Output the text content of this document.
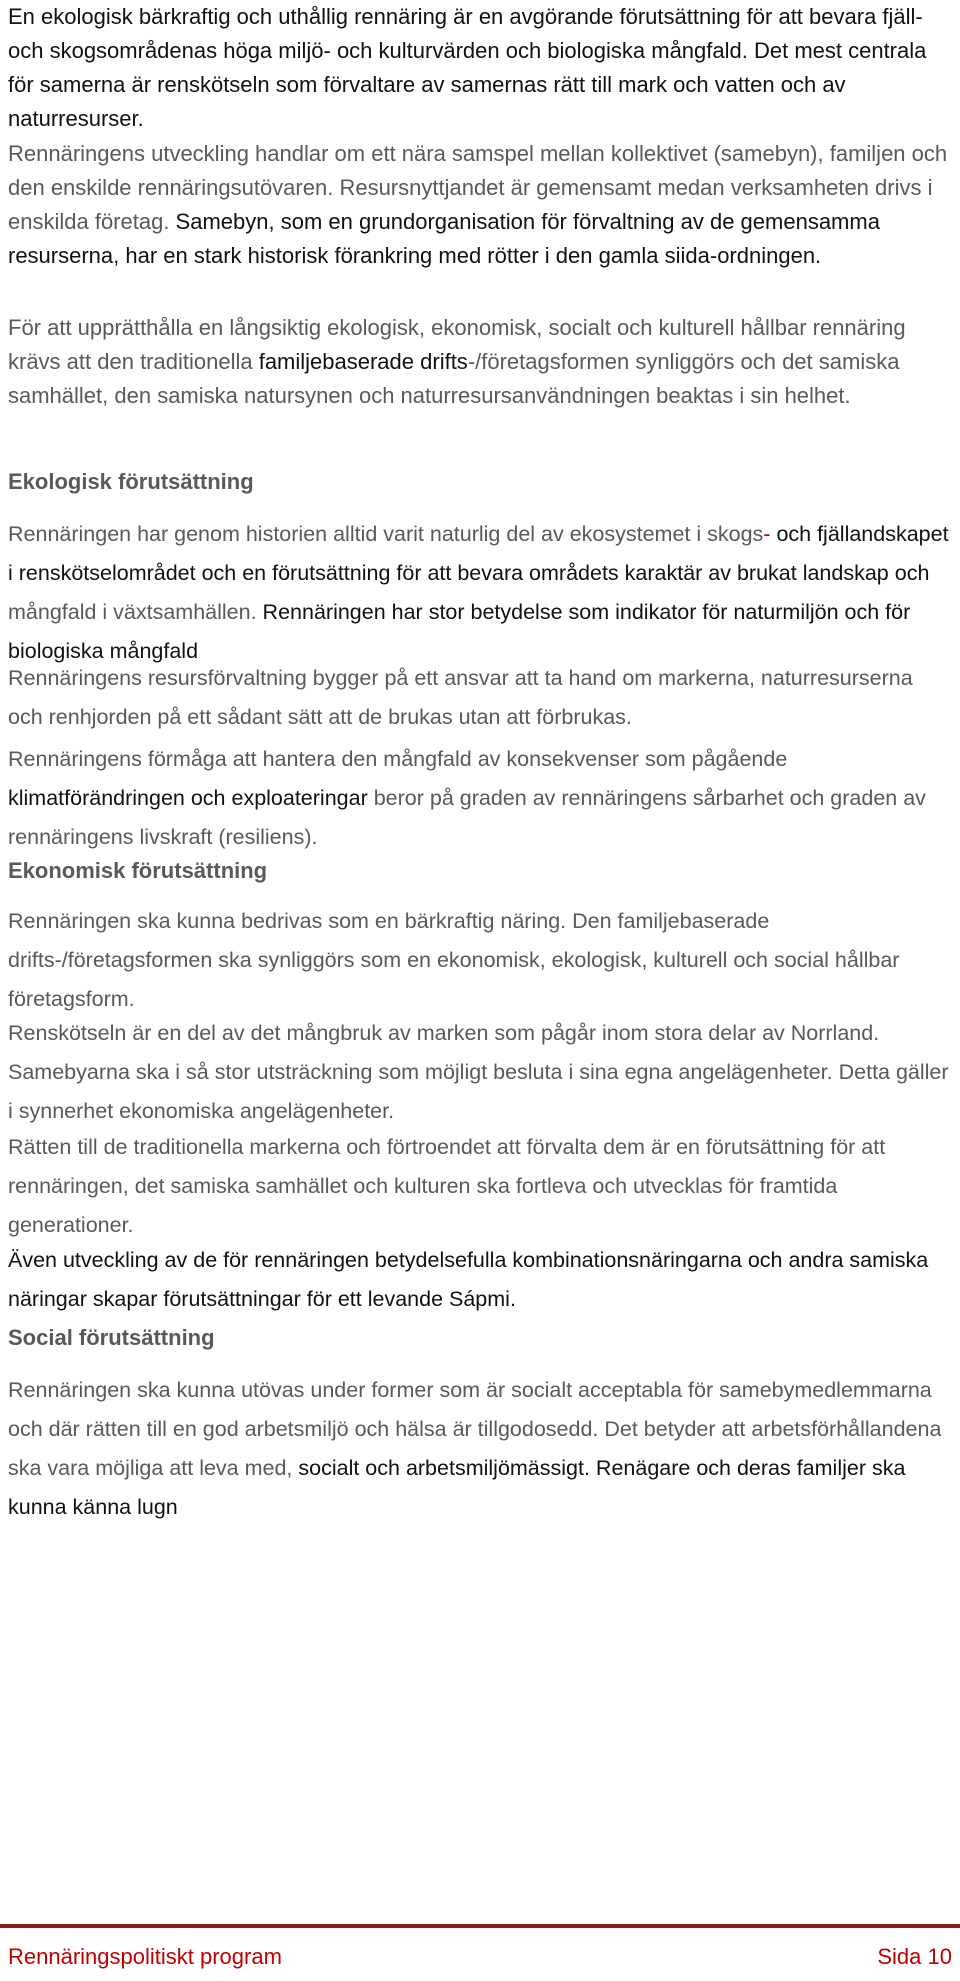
En ekologisk bärkraftig och uthållig rennäring är en avgörande förutsättning för att bevara fjäll- och skogsområdenas höga miljö- och kulturvärden och biologiska mångfald. Det mest centrala för samerna är renskötseln som förvaltare av samernas rätt till mark och vatten och av naturresurser.

Rennäringens utveckling handlar om ett nära samspel mellan kollektivet (samebyn), familjen och den enskilde rennäringsutövaren. Resursnyttjandet är gemensamt medan verksamheten drivs i enskilda företag. Samebyn, som en grundorganisation för förvaltning av de gemensamma resurserna, har en stark historisk förankring med rötter i den gamla siida-ordningen.

För att upprätthålla en långsiktig ekologisk, ekonomisk, socialt och kulturell hållbar rennäring krävs att den traditionella familjebaserade drifts-/företagsformen synliggörs och det samiska samhället, den samiska natursynen och naturresursanvändningen beaktas i sin helhet.

Ekologisk förutsättning

Rennäringen har genom historien alltid varit naturlig del av ekosystemet i skogs- och fjällandskapet i renskötselområdet och en förutsättning för att bevara områdets karaktär av brukat landskap och mångfald i växtsamhällen. Rennäringen har stor betydelse som indikator för naturmiljön och för biologiska mångfald

Rennäringens resursförvaltning bygger på ett ansvar att ta hand om markerna, naturresurserna och renhjorden på ett sådant sätt att de brukas utan att förbrukas.

Rennäringens förmåga att hantera den mångfald av konsekvenser som pågående klimatförändringen och exploateringar beror på graden av rennäringens sårbarhet och graden av rennäringens livskraft (resiliens).

Ekonomisk förutsättning

Rennäringen ska kunna bedrivas som en bärkraftig näring. Den familjebaserade drifts-/företagsformen ska synliggörs som en ekonomisk, ekologisk, kulturell och social hållbar företagsform.

Renskötseln är en del av det mångbruk av marken som pågår inom stora delar av Norrland. Samebyarna ska i så stor utsträckning som möjligt besluta i sina egna angelägenheter. Detta gäller i synnerhet ekonomiska angelägenheter.

Rätten till de traditionella markerna och förtroendet att förvalta dem är en förutsättning för att rennäringen, det samiska samhället och kulturen ska fortleva och utvecklas för framtida generationer.

Även utveckling av de för rennäringen betydelsefulla kombinationsnäringarna och andra samiska näringar skapar förutsättningar för ett levande Sápmi.

Social förutsättning

Rennäringen ska kunna utövas under former som är socialt acceptabla för samebymedlemmarna och där rätten till en god arbetsmiljö och hälsa är tillgodosedd. Det betyder att arbetsförhållandena ska vara möjliga att leva med, socialt och arbetsmiljömässigt. Renägare och deras familjer ska kunna känna lugn

Rennäringspolitiskt program	Sida 10
